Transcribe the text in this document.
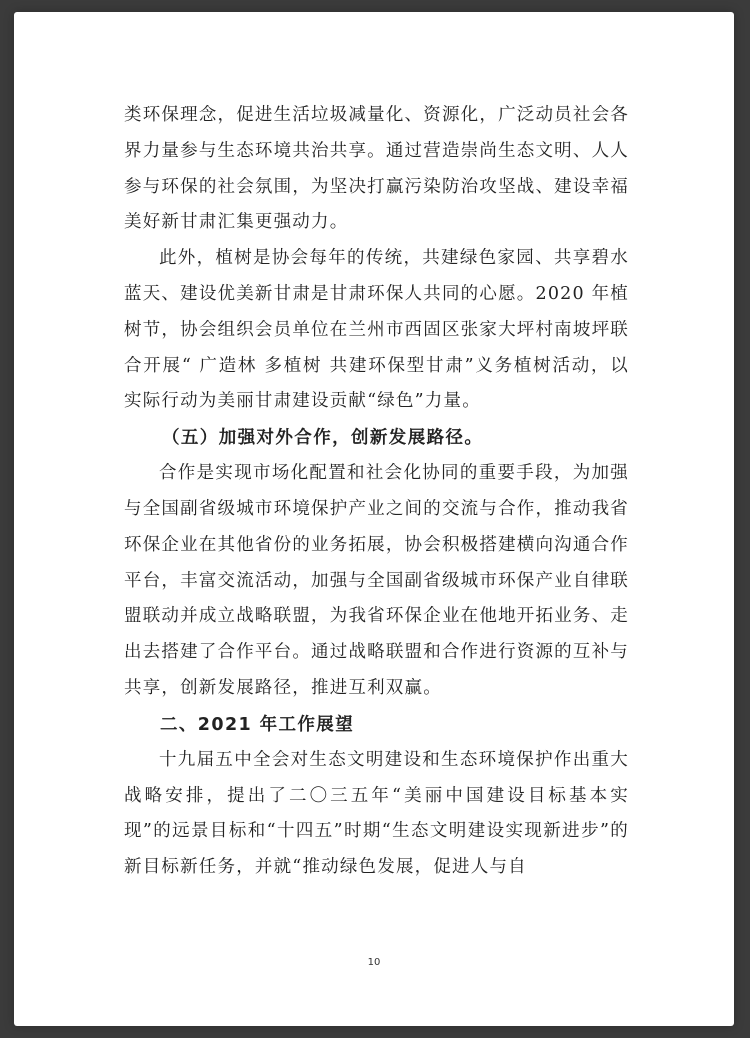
类环保理念，促进生活垃圾减量化、资源化，广泛动员社会各界力量参与生态环境共治共享。通过营造崇尚生态文明、人人参与环保的社会氛围，为坚决打赢污染防治攻坚战、建设幸福美好新甘肃汇集更强动力。

此外，植树是协会每年的传统，共建绿色家园、共享碧水蓝天、建设优美新甘肃是甘肃环保人共同的心愿。2020 年植树节，协会组织会员单位在兰州市西固区张家大坪村南坡坪联合开展“ 广造林 多植树 共建环保型甘肃”义务植树活动，以实际行动为美丽甘肃建设贡献“绿色”力量。

（五）加强对外合作，创新发展路径。

合作是实现市场化配置和社会化协同的重要手段，为加强与全国副省级城市环境保护产业之间的交流与合作，推动我省环保企业在其他省份的业务拓展，协会积极搭建横向沟通合作平台，丰富交流活动，加强与全国副省级城市环保产业自律联盟联动并成立战略联盟，为我省环保企业在他地开拓业务、走出去搭建了合作平台。通过战略联盟和合作进行资源的互补与共享，创新发展路径，推进互利双赢。

二、2021 年工作展望

十九届五中全会对生态文明建设和生态环境保护作出重大战略安排，提出了二〇三五年“美丽中国建设目标基本实现”的远景目标和“十四五”时期“生态文明建设实现新进步”的新目标新任务，并就“推动绿色发展，促进人与自

10
